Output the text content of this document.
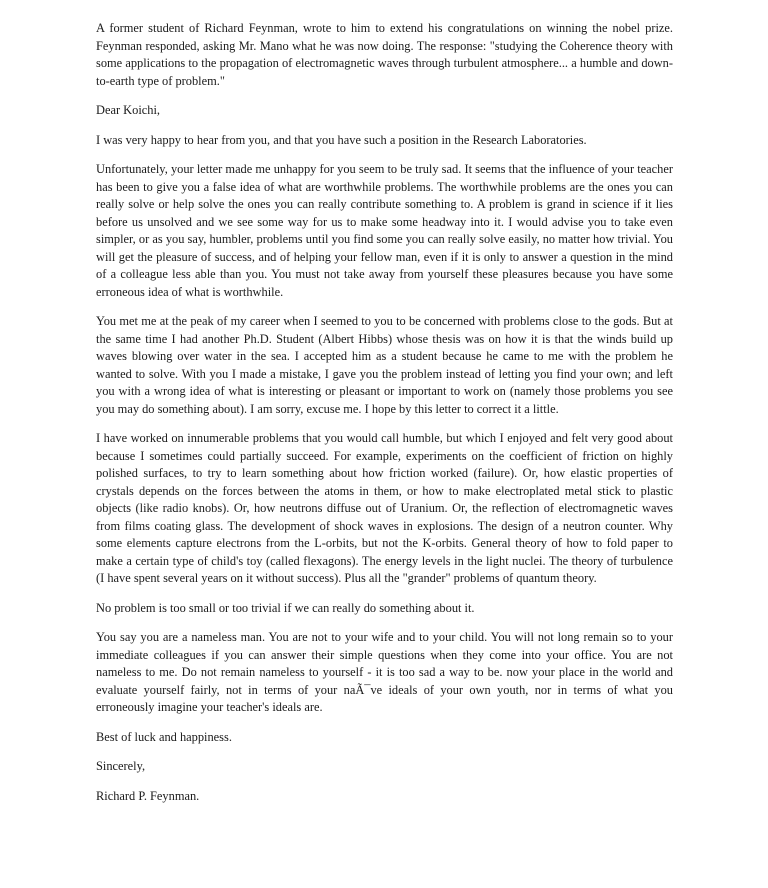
A former student of Richard Feynman, wrote to him to extend his congratulations on winning the nobel prize. Feynman responded, asking Mr. Mano what he was now doing. The response: "studying the Coherence theory with some applications to the propagation of electromagnetic waves through turbulent atmosphere... a humble and down-to-earth type of problem."

Dear Koichi,

I was very happy to hear from you, and that you have such a position in the Research Laboratories.

Unfortunately, your letter made me unhappy for you seem to be truly sad. It seems that the influence of your teacher has been to give you a false idea of what are worthwhile problems. The worthwhile problems are the ones you can really solve or help solve the ones you can really contribute something to. A problem is grand in science if it lies before us unsolved and we see some way for us to make some headway into it. I would advise you to take even simpler, or as you say, humbler, problems until you find some you can really solve easily, no matter how trivial. You will get the pleasure of success, and of helping your fellow man, even if it is only to answer a question in the mind of a colleague less able than you. You must not take away from yourself these pleasures because you have some erroneous idea of what is worthwhile.

You met me at the peak of my career when I seemed to you to be concerned with problems close to the gods. But at the same time I had another Ph.D. Student (Albert Hibbs) whose thesis was on how it is that the winds build up waves blowing over water in the sea. I accepted him as a student because he came to me with the problem he wanted to solve. With you I made a mistake, I gave you the problem instead of letting you find your own; and left you with a wrong idea of what is interesting or pleasant or important to work on (namely those problems you see you may do something about). I am sorry, excuse me. I hope by this letter to correct it a little.

I have worked on innumerable problems that you would call humble, but which I enjoyed and felt very good about because I sometimes could partially succeed. For example, experiments on the coefficient of friction on highly polished surfaces, to try to learn something about how friction worked (failure). Or, how elastic properties of crystals depends on the forces between the atoms in them, or how to make electroplated metal stick to plastic objects (like radio knobs). Or, how neutrons diffuse out of Uranium. Or, the reflection of electromagnetic waves from films coating glass. The development of shock waves in explosions. The design of a neutron counter. Why some elements capture electrons from the L-orbits, but not the K-orbits. General theory of how to fold paper to make a certain type of child's toy (called flexagons). The energy levels in the light nuclei. The theory of turbulence (I have spent several years on it without success). Plus all the "grander" problems of quantum theory.

No problem is too small or too trivial if we can really do something about it.

You say you are a nameless man. You are not to your wife and to your child. You will not long remain so to your immediate colleagues if you can answer their simple questions when they come into your office. You are not nameless to me. Do not remain nameless to yourself - it is too sad a way to be. now your place in the world and evaluate yourself fairly, not in terms of your naÃ¯ve ideals of your own youth, nor in terms of what you erroneously imagine your teacher's ideals are.

Best of luck and happiness.

Sincerely,

Richard P. Feynman.
